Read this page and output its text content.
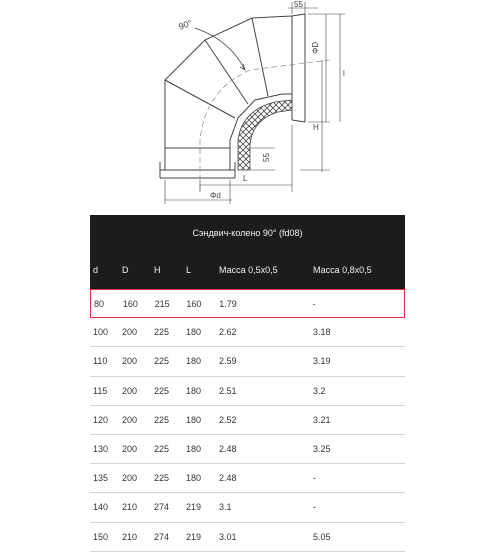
90°
55
ΦD
l
H
55
L
Φd
Сэндвич-колено 90° (fd08)
d	D	H	L	Масса 0,5х0,5	Масса 0,8х0,5
80	160	215	160	1.79	-
100	200	225	180	2.62	3.18
110	200	225	180	2.59	3.19
115	200	225	180	2.51	3.2
120	200	225	180	2.52	3.21
130	200	225	180	2.48	3.25
135	200	225	180	2.48	-
140	210	274	219	3.1	-
150	210	274	219	3.01	5.05
